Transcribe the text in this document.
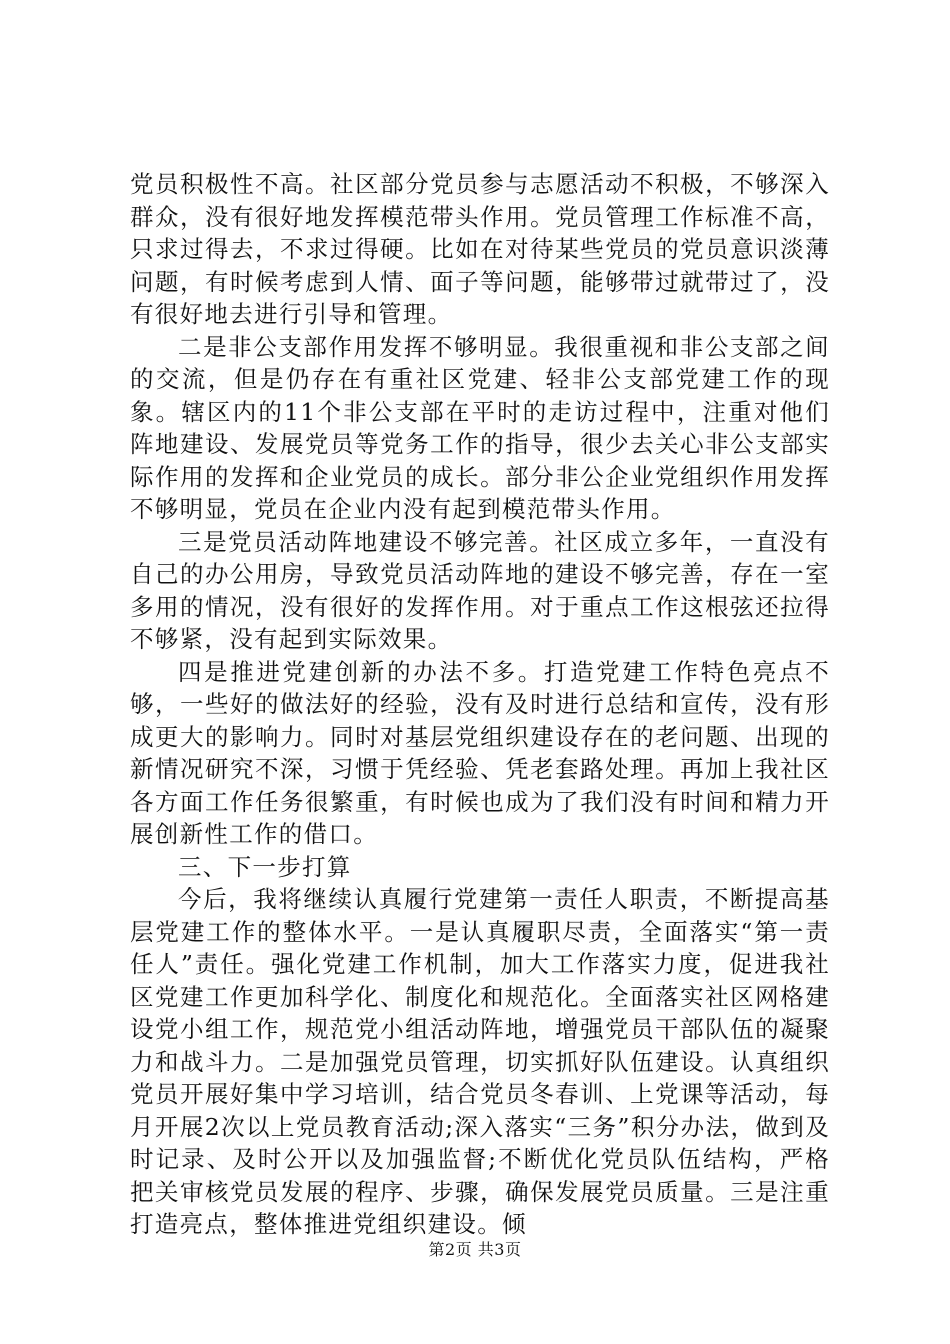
党员积极性不高。社区部分党员参与志愿活动不积极，不够深入群众，没有很好地发挥模范带头作用。党员管理工作标准不高，只求过得去，不求过得硬。比如在对待某些党员的党员意识淡薄问题，有时候考虑到人情、面子等问题，能够带过就带过了，没有很好地去进行引导和管理。

二是非公支部作用发挥不够明显。我很重视和非公支部之间的交流，但是仍存在有重社区党建、轻非公支部党建工作的现象。辖区内的11个非公支部在平时的走访过程中，注重对他们阵地建设、发展党员等党务工作的指导，很少去关心非公支部实际作用的发挥和企业党员的成长。部分非公企业党组织作用发挥不够明显，党员在企业内没有起到模范带头作用。

三是党员活动阵地建设不够完善。社区成立多年，一直没有自己的办公用房，导致党员活动阵地的建设不够完善，存在一室多用的情况，没有很好的发挥作用。对于重点工作这根弦还拉得不够紧，没有起到实际效果。

四是推进党建创新的办法不多。打造党建工作特色亮点不够，一些好的做法好的经验，没有及时进行总结和宣传，没有形成更大的影响力。同时对基层党组织建设存在的老问题、出现的新情况研究不深，习惯于凭经验、凭老套路处理。再加上我社区各方面工作任务很繁重，有时候也成为了我们没有时间和精力开展创新性工作的借口。

三、下一步打算

今后，我将继续认真履行党建第一责任人职责，不断提高基层党建工作的整体水平。一是认真履职尽责，全面落实“第一责任人”责任。强化党建工作机制，加大工作落实力度，促进我社区党建工作更加科学化、制度化和规范化。全面落实社区网格建设党小组工作，规范党小组活动阵地，增强党员干部队伍的凝聚力和战斗力。二是加强党员管理，切实抓好队伍建设。认真组织党员开展好集中学习培训，结合党员冬春训、上党课等活动，每月开展2次以上党员教育活动;深入落实“三务”积分办法，做到及时记录、及时公开以及加强监督;不断优化党员队伍结构，严格把关审核党员发展的程序、步骤，确保发展党员质量。三是注重打造亮点，整体推进党组织建设。倾

第2页 共3页
